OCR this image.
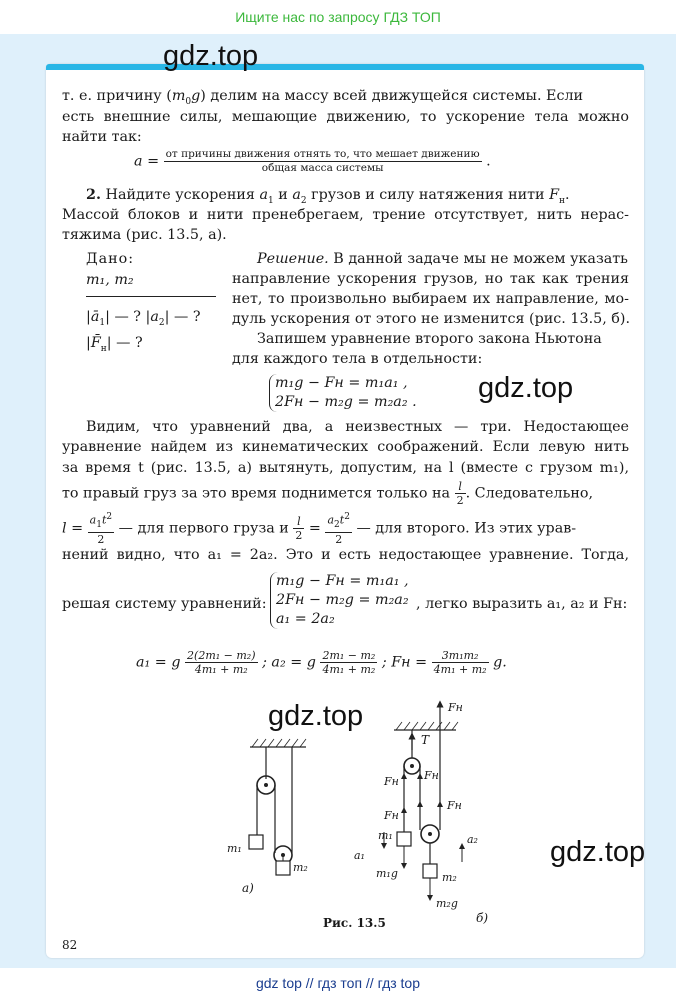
Ищите нас по запросу ГДЗ ТОП
gdz.top
gdz.top
gdz.top
gdz.top
т. е. причину $(m_0g)$ делим на массу всей движущейся системы. Если
есть внешние силы, мешающие движению, то ускорение тела можно
найти так:
a = от причины движения отнять то, что мешает движению
общая масса системы	.
2. Найдите ускорения $a_1$ и $a_2$ грузов и силу натяжения нити $F_н$.
Массой блоков и нити пренебрегаем, трение отсутствует, нить нерас-
тяжима (рис. 13.5, а).
Дано:
m₁, m₂
$|ā_1|$ — ? $|a_2|$ — ?
$|F̄_н|$ — ?
Решение. В данной задаче мы не можем указать
направление ускорения грузов, но так как трения
нет, то произвольно выбираем их направление, мо-
дуль ускорения от этого не изменится (рис. 13.5, б).
Запишем уравнение второго закона Ньютона
для каждого тела в отдельности:
m₁g − Fн = m₁a₁ ,
2Fн − m₂g = m₂a₂ .
Видим, что уравнений два, а неизвестных — три. Недостающее
уравнение найдем из кинематических соображений. Если левую нить
за время t (рис. 13.5, а) вытянуть, допустим, на l (вместе с грузом m₁),
то правый груз за это время поднимется только на $\frac{l}{2}$ . Следовательно,
$l = \frac{a_1t^2}{2}$ — для первого груза и $\frac{l}{2} = \frac{a_2t^2}{2}$ — для второго. Из этих урав-
нений видно, что a₁ = 2a₂. Это и есть недостающее уравнение. Тогда,
решая систему уравнений:
m₁g − Fн = m₁a₁ ,
2Fн − m₂g = m₂a₂
a₁ = 2a₂
, легко выразить a₁, a₂ и Fн:
a₁ = g $\frac{\text{2(2m₁ − m₂)}}{\text{4m₁ + m₂}}$ ; a₂ = g $\frac{\text{2m₁ − m₂}}{\text{4m₁ + m₂}}$ ; Fн = $\frac{\text{3m₁m₂}}{\text{4m₁ + m₂}} g$.
m₁
m₂
а)
Fн
T
Fн Fн
Fн
Fн
a₁
m₁	a₂
m₁g	m₂
m₂g
б)
Рис. 13.5
82
gdz top // гдз топ // гдз top
